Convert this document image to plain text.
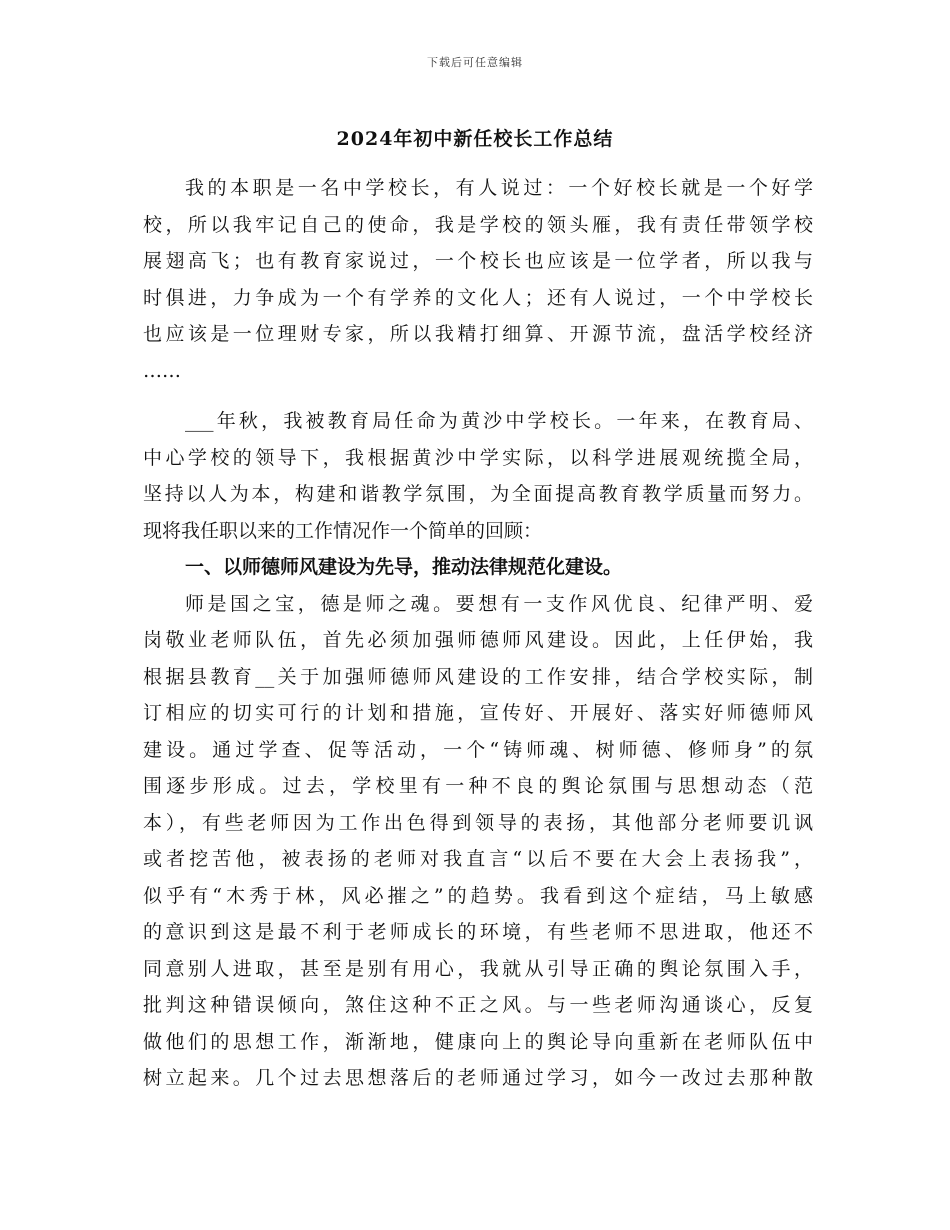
下载后可任意编辑
2024年初中新任校长工作总结
我的本职是一名中学校长，有人说过：一个好校长就是一个好学
校，所以我牢记自己的使命，我是学校的领头雁，我有责任带领学校
展翅高飞；也有教育家说过，一个校长也应该是一位学者，所以我与
时俱进，力争成为一个有学养的文化人；还有人说过，一个中学校长
也应该是一位理财专家，所以我精打细算、开源节流，盘活学校经济
……
___年秋，我被教育局任命为黄沙中学校长。一年来，在教育局、
中心学校的领导下，我根据黄沙中学实际，以科学进展观统揽全局，
坚持以人为本，构建和谐教学氛围，为全面提高教育教学质量而努力。
现将我任职以来的工作情况作一个简单的回顾：
一、以师德师风建设为先导，推动法律规范化建设。
师是国之宝，德是师之魂。要想有一支作风优良、纪律严明、爱
岗敬业老师队伍，首先必须加强师德师风建设。因此，上任伊始，我
根据县教育__关于加强师德师风建设的工作安排，结合学校实际，制
订相应的切实可行的计划和措施，宣传好、开展好、落实好师德师风
建设。通过学查、促等活动，一个“铸师魂、树师德、修师身”的氛
围逐步形成。过去，学校里有一种不良的舆论氛围与思想动态（范
本），有些老师因为工作出色得到领导的表扬，其他部分老师要讥讽
或者挖苦他，被表扬的老师对我直言“以后不要在大会上表扬我”，
似乎有“木秀于林，风必摧之”的趋势。我看到这个症结，马上敏感
的意识到这是最不利于老师成长的环境，有些老师不思进取，他还不
同意别人进取，甚至是别有用心，我就从引导正确的舆论氛围入手，
批判这种错误倾向，煞住这种不正之风。与一些老师沟通谈心，反复
做他们的思想工作，渐渐地，健康向上的舆论导向重新在老师队伍中
树立起来。几个过去思想落后的老师通过学习，如今一改过去那种散
